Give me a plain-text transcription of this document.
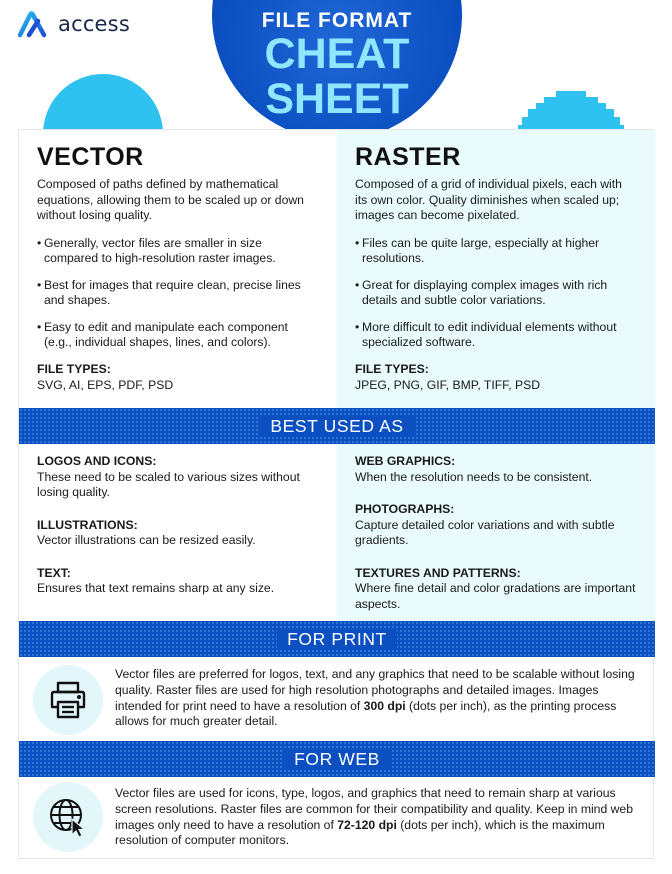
access	FILE FORMAT
CHEAT
SHEET
VECTOR

Composed of paths defined by mathematical equations, allowing them to be scaled up or down without losing quality.

• Generally, vector files are smaller in size compared to high-resolution raster images.
• Best for images that require clean, precise lines and shapes.
• Easy to edit and manipulate each component (e.g., individual shapes, lines, and colors).
FILE TYPES:
SVG, AI, EPS, PDF, PSD
RASTER

Composed of a grid of individual pixels, each with its own color. Quality diminishes when scaled up; images can become pixelated.

• Files can be quite large, especially at higher resolutions.
• Great for displaying complex images with rich details and subtle color variations.
• More difficult to edit individual elements without specialized software.
FILE TYPES:
JPEG, PNG, GIF, BMP, TIFF, PSD
BEST USED AS
LOGOS AND ICONS:
These need to be scaled to various sizes without losing quality.
ILLUSTRATIONS:
Vector illustrations can be resized easily.
TEXT:
Ensures that text remains sharp at any size.
WEB GRAPHICS:
When the resolution needs to be consistent.
PHOTOGRAPHS:
Capture detailed color variations and with subtle gradients.
TEXTURES AND PATTERNS:
Where fine detail and color gradations are important aspects.
FOR PRINT
Vector files are preferred for logos, text, and any graphics that need to be scalable without losing quality. Raster files are used for high resolution photographs and detailed images. Images intended for print need to have a resolution of 300 dpi (dots per inch), as the printing process allows for much greater detail.
FOR WEB
Vector files are used for icons, type, logos, and graphics that need to remain sharp at various screen resolutions. Raster files are common for their compatibility and quality. Keep in mind web images only need to have a resolution of 72-120 dpi (dots per inch), which is the maximum resolution of computer monitors.
